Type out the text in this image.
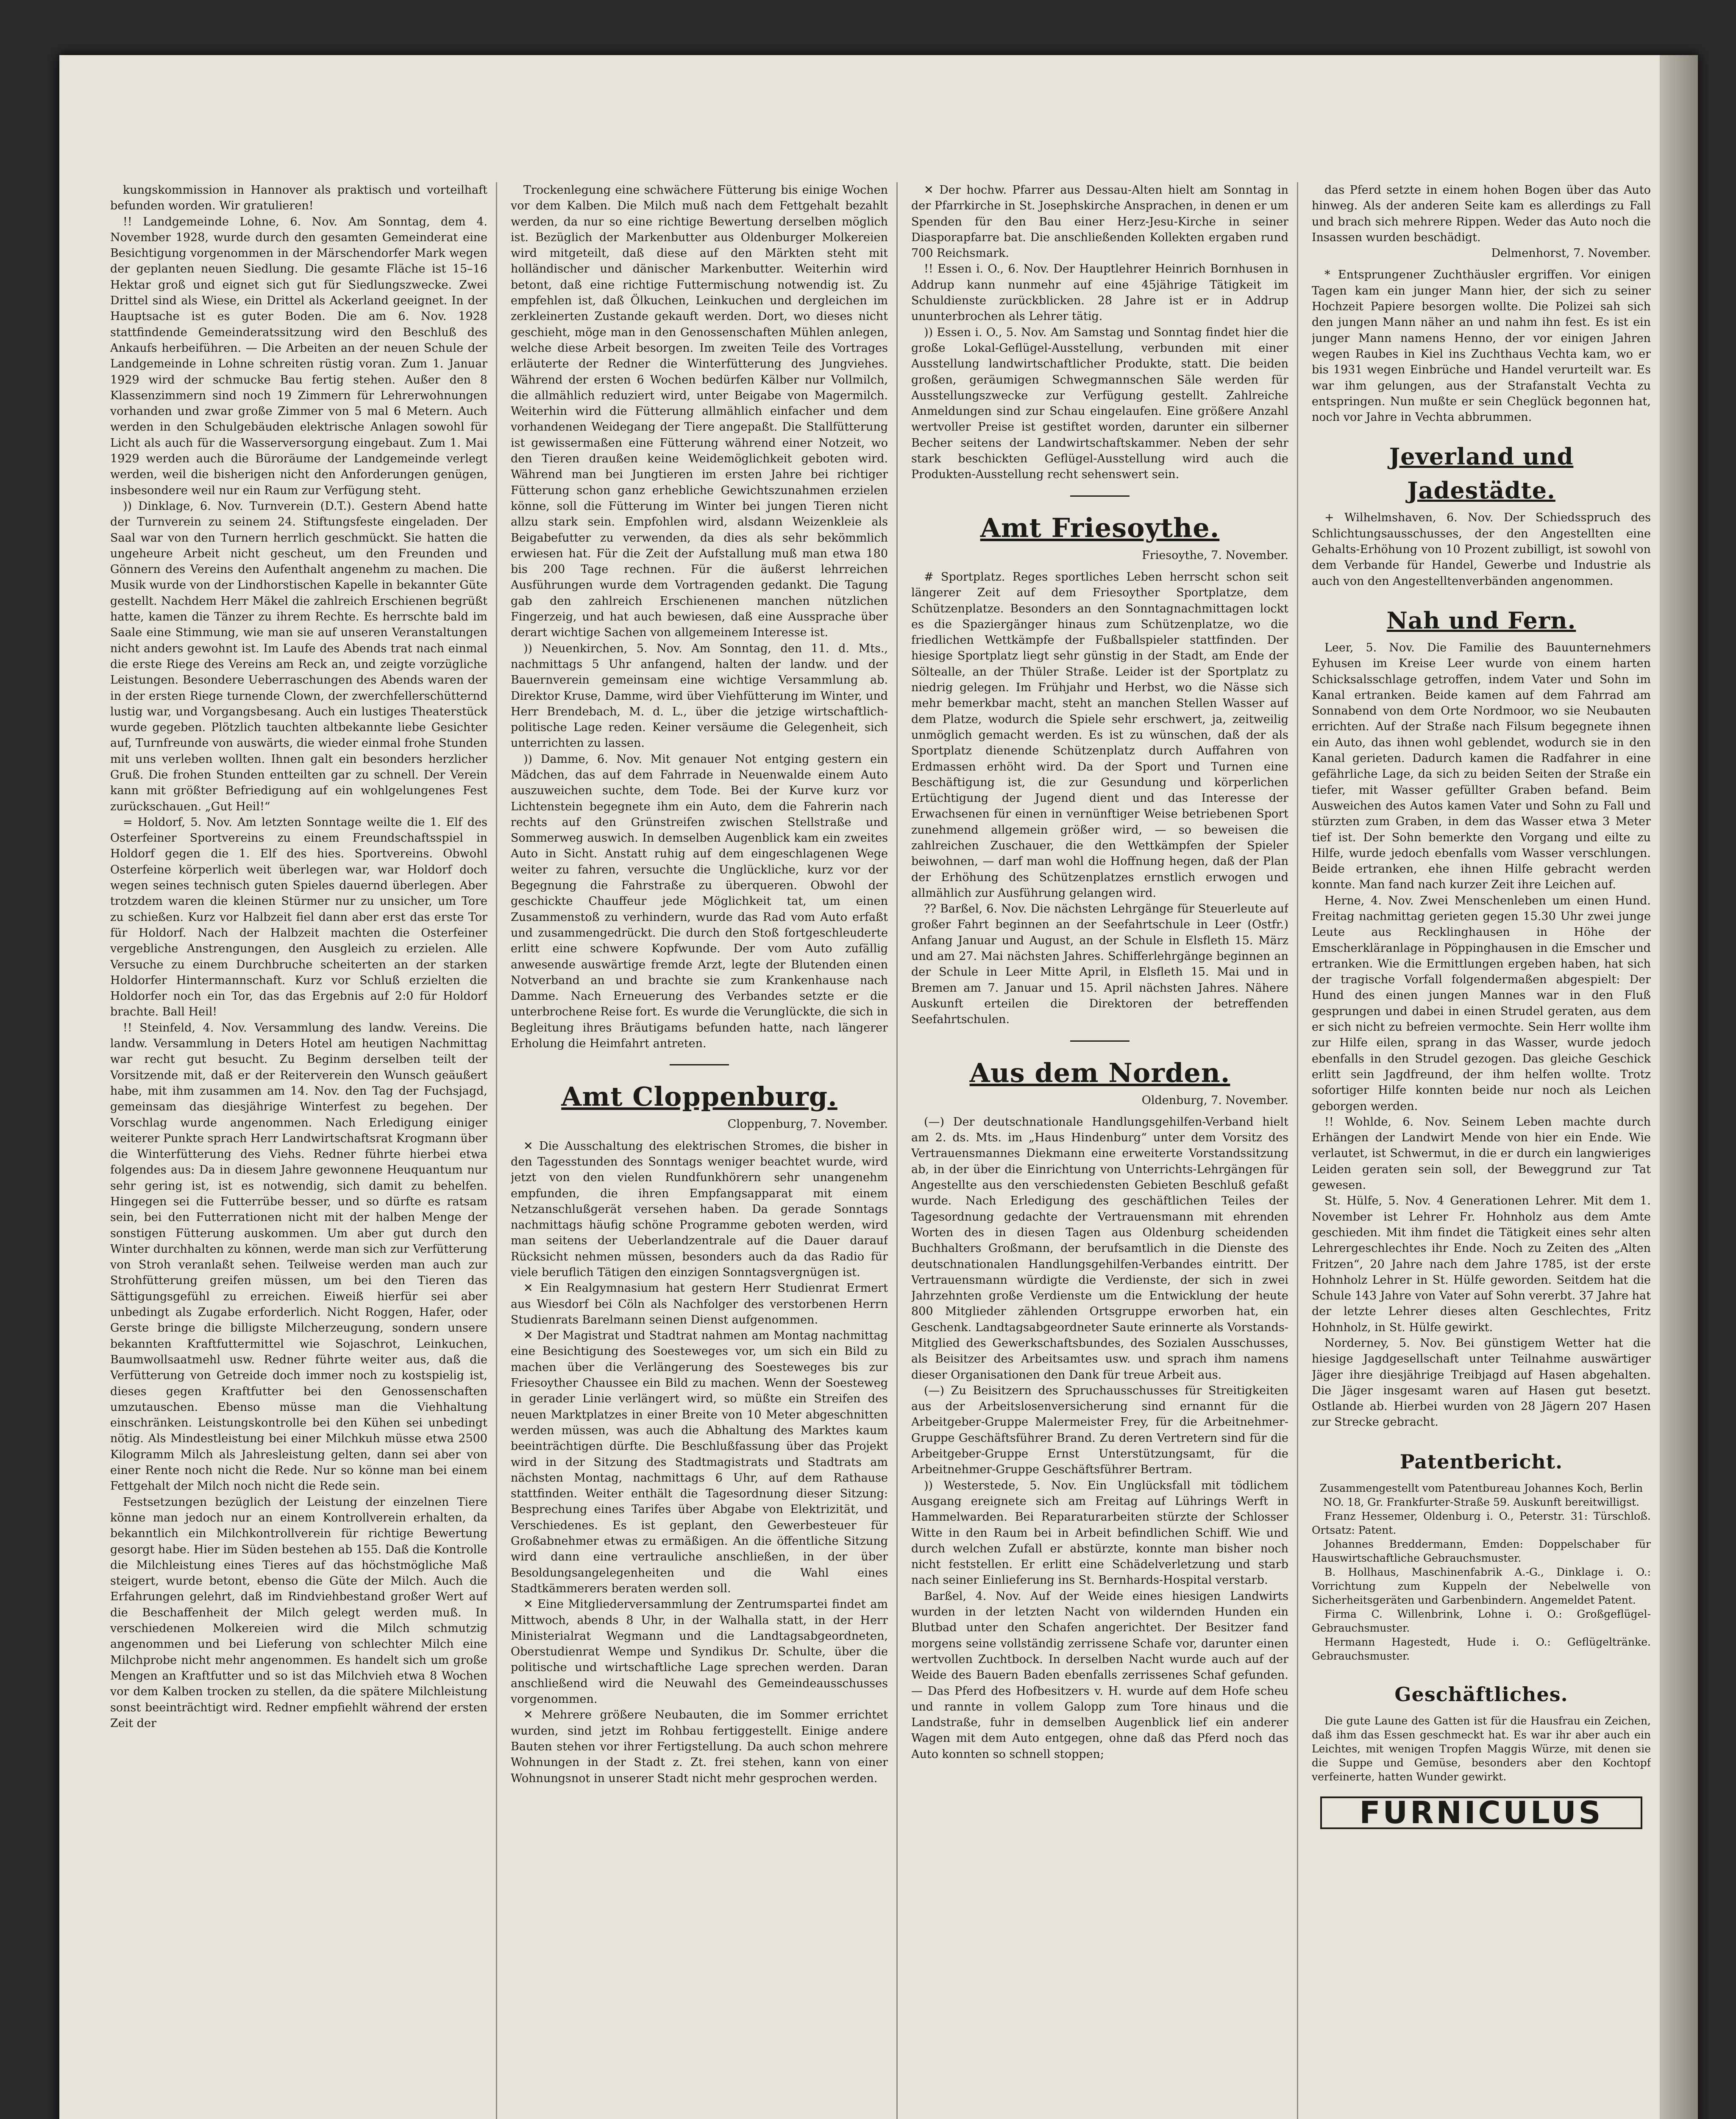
kungskommission in Hannover als praktisch und vorteilhaft befunden worden. Wir gratulieren!

!! Landgemeinde Lohne, 6. Nov. Am Sonntag, dem 4. November 1928, wurde durch den gesamten Gemeinderat eine Besichtigung vorgenommen in der Märschendorfer Mark wegen der geplanten neuen Siedlung. Die gesamte Fläche ist 15–16 Hektar groß und eignet sich gut für Siedlungszwecke. Zwei Drittel sind als Wiese, ein Drittel als Ackerland geeignet. In der Hauptsache ist es guter Boden. Die am 6. Nov. 1928 stattfindende Gemeinderatssitzung wird den Beschluß des Ankaufs herbeiführen. — Die Arbeiten an der neuen Schule der Landgemeinde in Lohne schreiten rüstig voran. Zum 1. Januar 1929 wird der schmucke Bau fertig stehen. Außer den 8 Klassenzimmern sind noch 19 Zimmern für Lehrerwohnungen vorhanden und zwar große Zimmer von 5 mal 6 Metern. Auch werden in den Schulgebäuden elektrische Anlagen sowohl für Licht als auch für die Wasserversorgung eingebaut. Zum 1. Mai 1929 werden auch die Büroräume der Landgemeinde verlegt werden, weil die bisherigen nicht den Anforderungen genügen, insbesondere weil nur ein Raum zur Verfügung steht.

)) Dinklage, 6. Nov. Turnverein (D.T.). Gestern Abend hatte der Turnverein zu seinem 24. Stiftungsfeste eingeladen. Der Saal war von den Turnern herrlich geschmückt. Sie hatten die ungeheure Arbeit nicht gescheut, um den Freunden und Gönnern des Vereins den Aufenthalt angenehm zu machen. Die Musik wurde von der Lindhorstischen Kapelle in bekannter Güte gestellt. Nachdem Herr Mäkel die zahlreich Erschienen begrüßt hatte, kamen die Tänzer zu ihrem Rechte. Es herrschte bald im Saale eine Stimmung, wie man sie auf unseren Veranstaltungen nicht anders gewohnt ist. Im Laufe des Abends trat nach einmal die erste Riege des Vereins am Reck an, und zeigte vorzügliche Leistungen. Besondere Ueberraschungen des Abends waren der in der ersten Riege turnende Clown, der zwerchfellerschütternd lustig war, und Vorgangsbesang. Auch ein lustiges Theaterstück wurde gegeben. Plötzlich tauchten altbekannte liebe Gesichter auf, Turnfreunde von auswärts, die wieder einmal frohe Stunden mit uns verleben wollten. Ihnen galt ein besonders herzlicher Gruß. Die frohen Stunden entteilten gar zu schnell. Der Verein kann mit größter Befriedigung auf ein wohlgelungenes Fest zurückschauen. „Gut Heil!“

= Holdorf, 5. Nov. Am letzten Sonntage weilte die 1. Elf des Osterfeiner Sportvereins zu einem Freundschaftsspiel in Holdorf gegen die 1. Elf des hies. Sportvereins. Obwohl Osterfeine körperlich weit überlegen war, war Holdorf doch wegen seines technisch guten Spieles dauernd überlegen. Aber trotzdem waren die kleinen Stürmer nur zu unsicher, um Tore zu schießen. Kurz vor Halbzeit fiel dann aber erst das erste Tor für Holdorf. Nach der Halbzeit machten die Osterfeiner vergebliche Anstrengungen, den Ausgleich zu erzielen. Alle Versuche zu einem Durchbruche scheiterten an der starken Holdorfer Hintermannschaft. Kurz vor Schluß erzielten die Holdorfer noch ein Tor, das das Ergebnis auf 2:0 für Holdorf brachte. Ball Heil!

!! Steinfeld, 4. Nov. Versammlung des landw. Vereins. Die landw. Versammlung in Deters Hotel am heutigen Nachmittag war recht gut besucht. Zu Beginm derselben teilt der Vorsitzende mit, daß er der Reiterverein den Wunsch geäußert habe, mit ihm zusammen am 14. Nov. den Tag der Fuchsjagd, gemeinsam das diesjährige Winterfest zu begehen. Der Vorschlag wurde angenommen. Nach Erledigung einiger weiterer Punkte sprach Herr Landwirtschaftsrat Krogmann über die Winterfütterung des Viehs. Redner führte hierbei etwa folgendes aus: Da in diesem Jahre gewonnene Heuquantum nur sehr gering ist, ist es notwendig, sich damit zu behelfen. Hingegen sei die Futterrübe besser, und so dürfte es ratsam sein, bei den Futterrationen nicht mit der halben Menge der sonstigen Fütterung auskommen. Um aber gut durch den Winter durchhalten zu können, werde man sich zur Verfütterung von Stroh veranlaßt sehen. Teilweise werden man auch zur Strohfütterung greifen müssen, um bei den Tieren das Sättigungsgefühl zu erreichen. Eiweiß hierfür sei aber unbedingt als Zugabe erforderlich. Nicht Roggen, Hafer, oder Gerste bringe die billigste Milcherzeugung, sondern unsere bekannten Kraftfuttermittel wie Sojaschrot, Leinkuchen, Baumwollsaatmehl usw. Redner führte weiter aus, daß die Verfütterung von Getreide doch immer noch zu kostspielig ist, dieses gegen Kraftfutter bei den Genossenschaften umzutauschen. Ebenso müsse man die Viehhaltung einschränken. Leistungskontrolle bei den Kühen sei unbedingt nötig. Als Mindestleistung bei einer Milchkuh müsse etwa 2500 Kilogramm Milch als Jahresleistung gelten, dann sei aber von einer Rente noch nicht die Rede. Nur so könne man bei einem Fettgehalt der Milch noch nicht die Rede sein.

Festsetzungen bezüglich der Leistung der einzelnen Tiere könne man jedoch nur an einem Kontrollverein erhalten, da bekanntlich ein Milchkontrollverein für richtige Bewertung gesorgt habe. Hier im Süden bestehen ab 155. Daß die Kontrolle die Milchleistung eines Tieres auf das höchstmögliche Maß steigert, wurde betont, ebenso die Güte der Milch. Auch die Erfahrungen gelehrt, daß im Rindviehbestand großer Wert auf die Beschaffenheit der Milch gelegt werden muß. In verschiedenen Molkereien wird die Milch schmutzig angenommen und bei Lieferung von schlechter Milch eine Milchprobe nicht mehr angenommen. Es handelt sich um große Mengen an Kraftfutter und so ist das Milchvieh etwa 8 Wochen vor dem Kalben trocken zu stellen, da die spätere Milchleistung sonst beeinträchtigt wird. Redner empfiehlt während der ersten Zeit der

Trockenlegung eine schwächere Fütterung bis einige Wochen vor dem Kalben. Die Milch muß nach dem Fettgehalt bezahlt werden, da nur so eine richtige Bewertung derselben möglich ist. Bezüglich der Markenbutter aus Oldenburger Molkereien wird mitgeteilt, daß diese auf den Märkten steht mit holländischer und dänischer Markenbutter. Weiterhin wird betont, daß eine richtige Futtermischung notwendig ist. Zu empfehlen ist, daß Ölkuchen, Leinkuchen und dergleichen im zerkleinerten Zustande gekauft werden. Dort, wo dieses nicht geschieht, möge man in den Genossenschaften Mühlen anlegen, welche diese Arbeit besorgen. Im zweiten Teile des Vortrages erläuterte der Redner die Winterfütterung des Jungviehes. Während der ersten 6 Wochen bedürfen Kälber nur Vollmilch, die allmählich reduziert wird, unter Beigabe von Magermilch. Weiterhin wird die Fütterung allmählich einfacher und dem vorhandenen Weidegang der Tiere angepaßt. Die Stallfütterung ist gewissermaßen eine Fütterung während einer Notzeit, wo den Tieren draußen keine Weidemöglichkeit geboten wird. Während man bei Jungtieren im ersten Jahre bei richtiger Fütterung schon ganz erhebliche Gewichtszunahmen erzielen könne, soll die Fütterung im Winter bei jungen Tieren nicht allzu stark sein. Empfohlen wird, alsdann Weizenkleie als Beigabefutter zu verwenden, da dies als sehr bekömmlich erwiesen hat. Für die Zeit der Aufstallung muß man etwa 180 bis 200 Tage rechnen. Für die äußerst lehrreichen Ausführungen wurde dem Vortragenden gedankt. Die Tagung gab den zahlreich Erschienenen manchen nützlichen Fingerzeig, und hat auch bewiesen, daß eine Aussprache über derart wichtige Sachen von allgemeinem Interesse ist.

)) Neuenkirchen, 5. Nov. Am Sonntag, den 11. d. Mts., nachmittags 5 Uhr anfangend, halten der landw. und der Bauernverein gemeinsam eine wichtige Versammlung ab. Direktor Kruse, Damme, wird über Viehfütterung im Winter, und Herr Brendebach, M. d. L., über die jetzige wirtschaftlich-politische Lage reden. Keiner versäume die Gelegenheit, sich unterrichten zu lassen.

)) Damme, 6. Nov. Mit genauer Not entging gestern ein Mädchen, das auf dem Fahrrade in Neuenwalde einem Auto auszuweichen suchte, dem Tode. Bei der Kurve kurz vor Lichtenstein begegnete ihm ein Auto, dem die Fahrerin nach rechts auf den Grünstreifen zwischen Stellstraße und Sommerweg auswich. In demselben Augenblick kam ein zweites Auto in Sicht. Anstatt ruhig auf dem eingeschlagenen Wege weiter zu fahren, versuchte die Unglückliche, kurz vor der Begegnung die Fahrstraße zu überqueren. Obwohl der geschickte Chauffeur jede Möglichkeit tat, um einen Zusammenstoß zu verhindern, wurde das Rad vom Auto erfaßt und zusammengedrückt. Die durch den Stoß fortgeschleuderte erlitt eine schwere Kopfwunde. Der vom Auto zufällig anwesende auswärtige fremde Arzt, legte der Blutenden einen Notverband an und brachte sie zum Krankenhause nach Damme. Nach Erneuerung des Verbandes setzte er die unterbrochene Reise fort. Es wurde die Verunglückte, die sich in Begleitung ihres Bräutigams befunden hatte, nach längerer Erholung die Heimfahrt antreten.

Amt Cloppenburg.
Cloppenburg, 7. November.

✕ Die Ausschaltung des elektrischen Stromes, die bisher in den Tagesstunden des Sonntags weniger beachtet wurde, wird jetzt von den vielen Rundfunkhörern sehr unangenehm empfunden, die ihren Empfangsapparat mit einem Netzanschlußgerät versehen haben. Da gerade Sonntags nachmittags häufig schöne Programme geboten werden, wird man seitens der Ueberlandzentrale auf die Dauer darauf Rücksicht nehmen müssen, besonders auch da das Radio für viele beruflich Tätigen den einzigen Sonntagsvergnügen ist.

✕ Ein Realgymnasium hat gestern Herr Studienrat Ermert aus Wiesdorf bei Cöln als Nachfolger des verstorbenen Herrn Studienrats Barelmann seinen Dienst aufgenommen.

✕ Der Magistrat und Stadtrat nahmen am Montag nachmittag eine Besichtigung des Soesteweges vor, um sich ein Bild zu machen über die Verlängerung des Soesteweges bis zur Friesoyther Chaussee ein Bild zu machen. Wenn der Soesteweg in gerader Linie verlängert wird, so müßte ein Streifen des neuen Marktplatzes in einer Breite von 10 Meter abgeschnitten werden müssen, was auch die Abhaltung des Marktes kaum beeinträchtigen dürfte. Die Beschlußfassung über das Projekt wird in der Sitzung des Stadtmagistrats und Stadtrats am nächsten Montag, nachmittags 6 Uhr, auf dem Rathause stattfinden. Weiter enthält die Tagesordnung dieser Sitzung: Besprechung eines Tarifes über Abgabe von Elektrizität, und Verschiedenes. Es ist geplant, den Gewerbesteuer für Großabnehmer etwas zu ermäßigen. An die öffentliche Sitzung wird dann eine vertrauliche anschließen, in der über Besoldungsangelegenheiten und die Wahl eines Stadtkämmerers beraten werden soll.

✕ Eine Mitgliederversammlung der Zentrumspartei findet am Mittwoch, abends 8 Uhr, in der Walhalla statt, in der Herr Ministerialrat Wegmann und die Landtagsabgeordneten, Oberstudienrat Wempe und Syndikus Dr. Schulte, über die politische und wirtschaftliche Lage sprechen werden. Daran anschließend wird die Neuwahl des Gemeindeausschusses vorgenommen.

✕ Mehrere größere Neubauten, die im Sommer errichtet wurden, sind jetzt im Rohbau fertiggestellt. Einige andere Bauten stehen vor ihrer Fertigstellung. Da auch schon mehrere Wohnungen in der Stadt z. Zt. frei stehen, kann von einer Wohnungsnot in unserer Stadt nicht mehr gesprochen werden.

✕ Der hochw. Pfarrer aus Dessau-Alten hielt am Sonntag in der Pfarrkirche in St. Josephskirche Ansprachen, in denen er um Spenden für den Bau einer Herz-Jesu-Kirche in seiner Diasporapfarre bat. Die anschließenden Kollekten ergaben rund 700 Reichsmark.

!! Essen i. O., 6. Nov. Der Hauptlehrer Heinrich Bornhusen in Addrup kann nunmehr auf eine 45jährige Tätigkeit im Schuldienste zurückblicken. 28 Jahre ist er in Addrup ununterbrochen als Lehrer tätig.

)) Essen i. O., 5. Nov. Am Samstag und Sonntag findet hier die große Lokal-Geflügel-Ausstellung, verbunden mit einer Ausstellung landwirtschaftlicher Produkte, statt. Die beiden großen, geräumigen Schwegmannschen Säle werden für Ausstellungszwecke zur Verfügung gestellt. Zahlreiche Anmeldungen sind zur Schau eingelaufen. Eine größere Anzahl wertvoller Preise ist gestiftet worden, darunter ein silberner Becher seitens der Landwirtschaftskammer. Neben der sehr stark beschickten Geflügel-Ausstellung wird auch die Produkten-Ausstellung recht sehenswert sein.

Amt Friesoythe.
Friesoythe, 7. November.

# Sportplatz. Reges sportliches Leben herrscht schon seit längerer Zeit auf dem Friesoyther Sportplatze, dem Schützenplatze. Besonders an den Sonntagnachmittagen lockt es die Spaziergänger hinaus zum Schützenplatze, wo die friedlichen Wettkämpfe der Fußballspieler stattfinden. Der hiesige Sportplatz liegt sehr günstig in der Stadt, am Ende der Söltealle, an der Thüler Straße. Leider ist der Sportplatz zu niedrig gelegen. Im Frühjahr und Herbst, wo die Nässe sich mehr bemerkbar macht, steht an manchen Stellen Wasser auf dem Platze, wodurch die Spiele sehr erschwert, ja, zeitweilig unmöglich gemacht werden. Es ist zu wünschen, daß der als Sportplatz dienende Schützenplatz durch Auffahren von Erdmassen erhöht wird. Da der Sport und Turnen eine Beschäftigung ist, die zur Gesundung und körperlichen Ertüchtigung der Jugend dient und das Interesse der Erwachsenen für einen in vernünftiger Weise betriebenen Sport zunehmend allgemein größer wird, — so beweisen die zahlreichen Zuschauer, die den Wettkämpfen der Spieler beiwohnen, — darf man wohl die Hoffnung hegen, daß der Plan der Erhöhung des Schützenplatzes ernstlich erwogen und allmählich zur Ausführung gelangen wird.

?? Barßel, 6. Nov. Die nächsten Lehrgänge für Steuerleute auf großer Fahrt beginnen an der Seefahrtschule in Leer (Ostfr.) Anfang Januar und August, an der Schule in Elsfleth 15. März und am 27. Mai nächsten Jahres. Schifferlehrgänge beginnen an der Schule in Leer Mitte April, in Elsfleth 15. Mai und in Bremen am 7. Januar und 15. April nächsten Jahres. Nähere Auskunft erteilen die Direktoren der betreffenden Seefahrtschulen.

Aus dem Norden.
Oldenburg, 7. November.

(—) Der deutschnationale Handlungsgehilfen-Verband hielt am 2. ds. Mts. im „Haus Hindenburg“ unter dem Vorsitz des Vertrauensmannes Diekmann eine erweiterte Vorstandssitzung ab, in der über die Einrichtung von Unterrichts-Lehrgängen für Angestellte aus den verschiedensten Gebieten Beschluß gefaßt wurde. Nach Erledigung des geschäftlichen Teiles der Tagesordnung gedachte der Vertrauensmann mit ehrenden Worten des in diesen Tagen aus Oldenburg scheidenden Buchhalters Großmann, der berufsamtlich in die Dienste des deutschnationalen Handlungsgehilfen-Verbandes eintritt. Der Vertrauensmann würdigte die Verdienste, der sich in zwei Jahrzehnten große Verdienste um die Entwicklung der heute 800 Mitglieder zählenden Ortsgruppe erworben hat, ein Geschenk. Landtagsabgeordneter Saute erinnerte als Vorstands-Mitglied des Gewerkschaftsbundes, des Sozialen Ausschusses, als Beisitzer des Arbeitsamtes usw. und sprach ihm namens dieser Organisationen den Dank für treue Arbeit aus.

(—) Zu Beisitzern des Spruchausschusses für Streitigkeiten aus der Arbeitslosenversicherung sind ernannt für die Arbeitgeber-Gruppe Malermeister Frey, für die Arbeitnehmer-Gruppe Geschäftsführer Brand. Zu deren Vertretern sind für die Arbeitgeber-Gruppe Ernst Unterstützungsamt, für die Arbeitnehmer-Gruppe Geschäftsführer Bertram.

)) Westerstede, 5. Nov. Ein Unglücksfall mit tödlichem Ausgang ereignete sich am Freitag auf Lührings Werft in Hammelwarden. Bei Reparaturarbeiten stürzte der Schlosser Witte in den Raum bei in Arbeit befindlichen Schiff. Wie und durch welchen Zufall er abstürzte, konnte man bisher noch nicht feststellen. Er erlitt eine Schädelverletzung und starb nach seiner Einlieferung ins St. Bernhards-Hospital verstarb.

Barßel, 4. Nov. Auf der Weide eines hiesigen Landwirts wurden in der letzten Nacht von wildernden Hunden ein Blutbad unter den Schafen angerichtet. Der Besitzer fand morgens seine vollständig zerrissene Schafe vor, darunter einen wertvollen Zuchtbock. In derselben Nacht wurde auch auf der Weide des Bauern Baden ebenfalls zerrissenes Schaf gefunden. — Das Pferd des Hofbesitzers v. H. wurde auf dem Hofe scheu und rannte in vollem Galopp zum Tore hinaus und die Landstraße, fuhr in demselben Augenblick lief ein anderer Wagen mit dem Auto entgegen, ohne daß das Pferd noch das Auto konnten so schnell stoppen;

das Pferd setzte in einem hohen Bogen über das Auto hinweg. Als der anderen Seite kam es allerdings zu Fall und brach sich mehrere Rippen. Weder das Auto noch die Insassen wurden beschädigt.

Delmenhorst, 7. November.

* Entsprungener Zuchthäusler ergriffen. Vor einigen Tagen kam ein junger Mann hier, der sich zu seiner Hochzeit Papiere besorgen wollte. Die Polizei sah sich den jungen Mann näher an und nahm ihn fest. Es ist ein junger Mann namens Henno, der vor einigen Jahren wegen Raubes in Kiel ins Zuchthaus Vechta kam, wo er bis 1931 wegen Einbrüche und Handel verurteilt war. Es war ihm gelungen, aus der Strafanstalt Vechta zu entspringen. Nun mußte er sein Cheglück begonnen hat, noch vor Jahre in Vechta abbrummen.

Jeverland und Jadestädte.

+ Wilhelmshaven, 6. Nov. Der Schiedsspruch des Schlichtungsausschusses, der den Angestellten eine Gehalts-Erhöhung von 10 Prozent zubilligt, ist sowohl von dem Verbande für Handel, Gewerbe und Industrie als auch von den Angestelltenverbänden angenommen.

Nah und Fern.

Leer, 5. Nov. Die Familie des Bauunternehmers Eyhusen im Kreise Leer wurde von einem harten Schicksalsschlage getroffen, indem Vater und Sohn im Kanal ertranken. Beide kamen auf dem Fahrrad am Sonnabend von dem Orte Nordmoor, wo sie Neubauten errichten. Auf der Straße nach Filsum begegnete ihnen ein Auto, das ihnen wohl geblendet, wodurch sie in den Kanal gerieten. Dadurch kamen die Radfahrer in eine gefährliche Lage, da sich zu beiden Seiten der Straße ein tiefer, mit Wasser gefüllter Graben befand. Beim Ausweichen des Autos kamen Vater und Sohn zu Fall und stürzten zum Graben, in dem das Wasser etwa 3 Meter tief ist. Der Sohn bemerkte den Vorgang und eilte zu Hilfe, wurde jedoch ebenfalls vom Wasser verschlungen. Beide ertranken, ehe ihnen Hilfe gebracht werden konnte. Man fand nach kurzer Zeit ihre Leichen auf.

Herne, 4. Nov. Zwei Menschenleben um einen Hund. Freitag nachmittag gerieten gegen 15.30 Uhr zwei junge Leute aus Recklinghausen in Höhe der Emscherkläranlage in Pöppinghausen in die Emscher und ertranken. Wie die Ermittlungen ergeben haben, hat sich der tragische Vorfall folgendermaßen abgespielt: Der Hund des einen jungen Mannes war in den Fluß gesprungen und dabei in einen Strudel geraten, aus dem er sich nicht zu befreien vermochte. Sein Herr wollte ihm zur Hilfe eilen, sprang in das Wasser, wurde jedoch ebenfalls in den Strudel gezogen. Das gleiche Geschick erlitt sein Jagdfreund, der ihm helfen wollte. Trotz sofortiger Hilfe konnten beide nur noch als Leichen geborgen werden.

!! Wohlde, 6. Nov. Seinem Leben machte durch Erhängen der Landwirt Mende von hier ein Ende. Wie verlautet, ist Schwermut, in die er durch ein langwieriges Leiden geraten sein soll, der Beweggrund zur Tat gewesen.

St. Hülfe, 5. Nov. 4 Generationen Lehrer. Mit dem 1. November ist Lehrer Fr. Hohnholz aus dem Amte geschieden. Mit ihm findet die Tätigkeit eines sehr alten Lehrergeschlechtes ihr Ende. Noch zu Zeiten des „Alten Fritzen“, 20 Jahre nach dem Jahre 1785, ist der erste Hohnholz Lehrer in St. Hülfe geworden. Seitdem hat die Schule 143 Jahre von Vater auf Sohn vererbt. 37 Jahre hat der letzte Lehrer dieses alten Geschlechtes, Fritz Hohnholz, in St. Hülfe gewirkt.

Norderney, 5. Nov. Bei günstigem Wetter hat die hiesige Jagdgesellschaft unter Teilnahme auswärtiger Jäger ihre diesjährige Treibjagd auf Hasen abgehalten. Die Jäger insgesamt waren auf Hasen gut besetzt. Ostlande ab. Hierbei wurden von 28 Jägern 207 Hasen zur Strecke gebracht.

Patentbericht.

Zusammengestellt vom Patentbureau Johannes Koch, Berlin NO. 18, Gr. Frankfurter-Straße 59. Auskunft bereitwilligst.

Franz Hessemer, Oldenburg i. O., Peterstr. 31: Türschloß. Ortsatz: Patent.

Johannes Breddermann, Emden: Doppelschaber für Hauswirtschaftliche Gebrauchsmuster.

B. Hollhaus, Maschinenfabrik A.-G., Dinklage i. O.: Vorrichtung zum Kuppeln der Nebelwelle von Sicherheitsgeräten und Garbenbindern. Angemeldet Patent.

Firma C. Willenbrink, Lohne i. O.: Großgeflügel-Gebrauchsmuster.

Hermann Hagestedt, Hude i. O.: Geflügeltränke. Gebrauchsmuster.

Geschäftliches.

Die gute Laune des Gatten ist für die Hausfrau ein Zeichen, daß ihm das Essen geschmeckt hat. Es war ihr aber auch ein Leichtes, mit wenigen Tropfen Maggis Würze, mit denen sie die Suppe und Gemüse, besonders aber den Kochtopf verfeinerte, hatten Wunder gewirkt.

FURNICULUS
